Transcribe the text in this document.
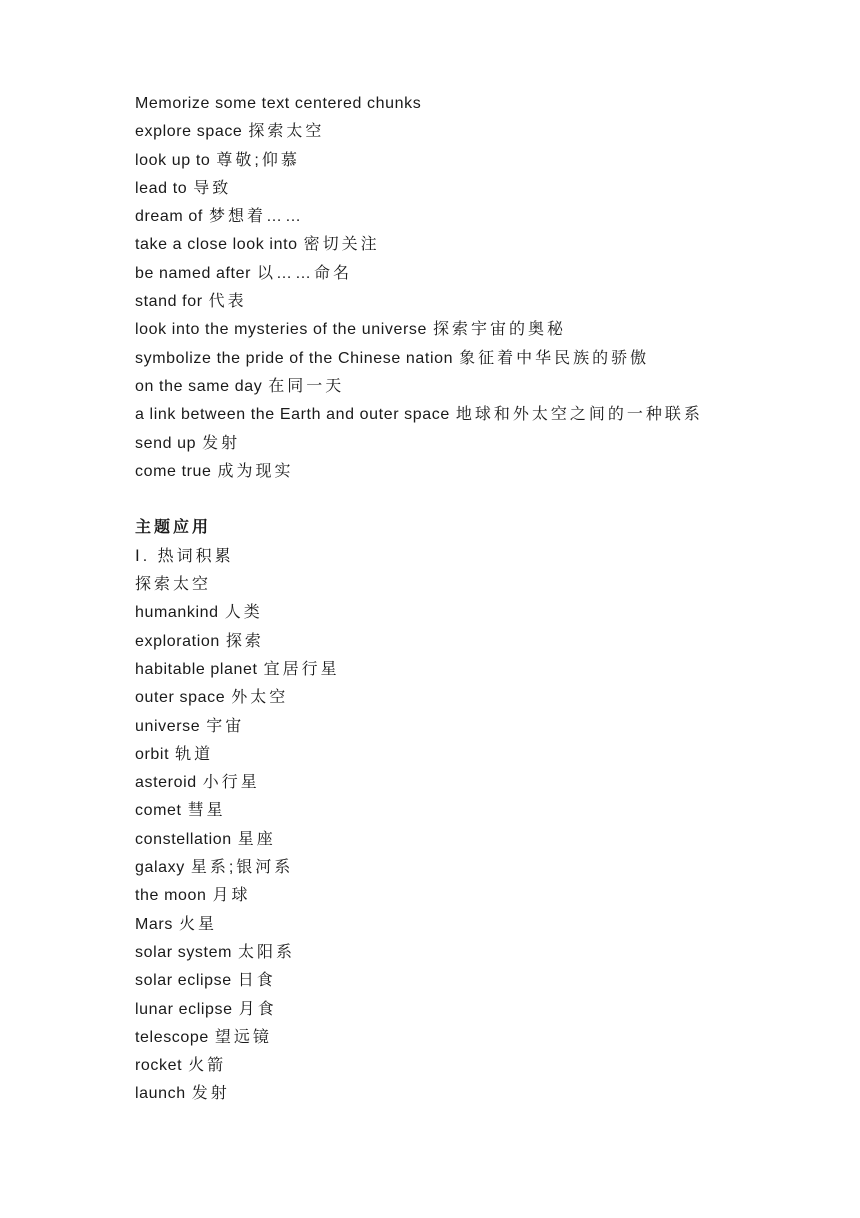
Memorize some text centered chunks
explore space 探索太空
look up to 尊敬;仰慕
lead to 导致
dream of 梦想着……
take a close look into 密切关注
be named after 以……命名
stand for 代表
look into the mysteries of the universe 探索宇宙的奥秘
symbolize the pride of the Chinese nation 象征着中华民族的骄傲
on the same day 在同一天
a link between the Earth and outer space 地球和外太空之间的一种联系
send up 发射
come true 成为现实
主题应用
Ⅰ. 热词积累
探索太空
humankind 人类
exploration 探索
habitable planet 宜居行星
outer space 外太空
universe 宇宙
orbit 轨道
asteroid 小行星
comet 彗星
constellation 星座
galaxy 星系;银河系
the moon 月球
Mars 火星
solar system 太阳系
solar eclipse 日食
lunar eclipse 月食
telescope 望远镜
rocket 火箭
launch 发射
